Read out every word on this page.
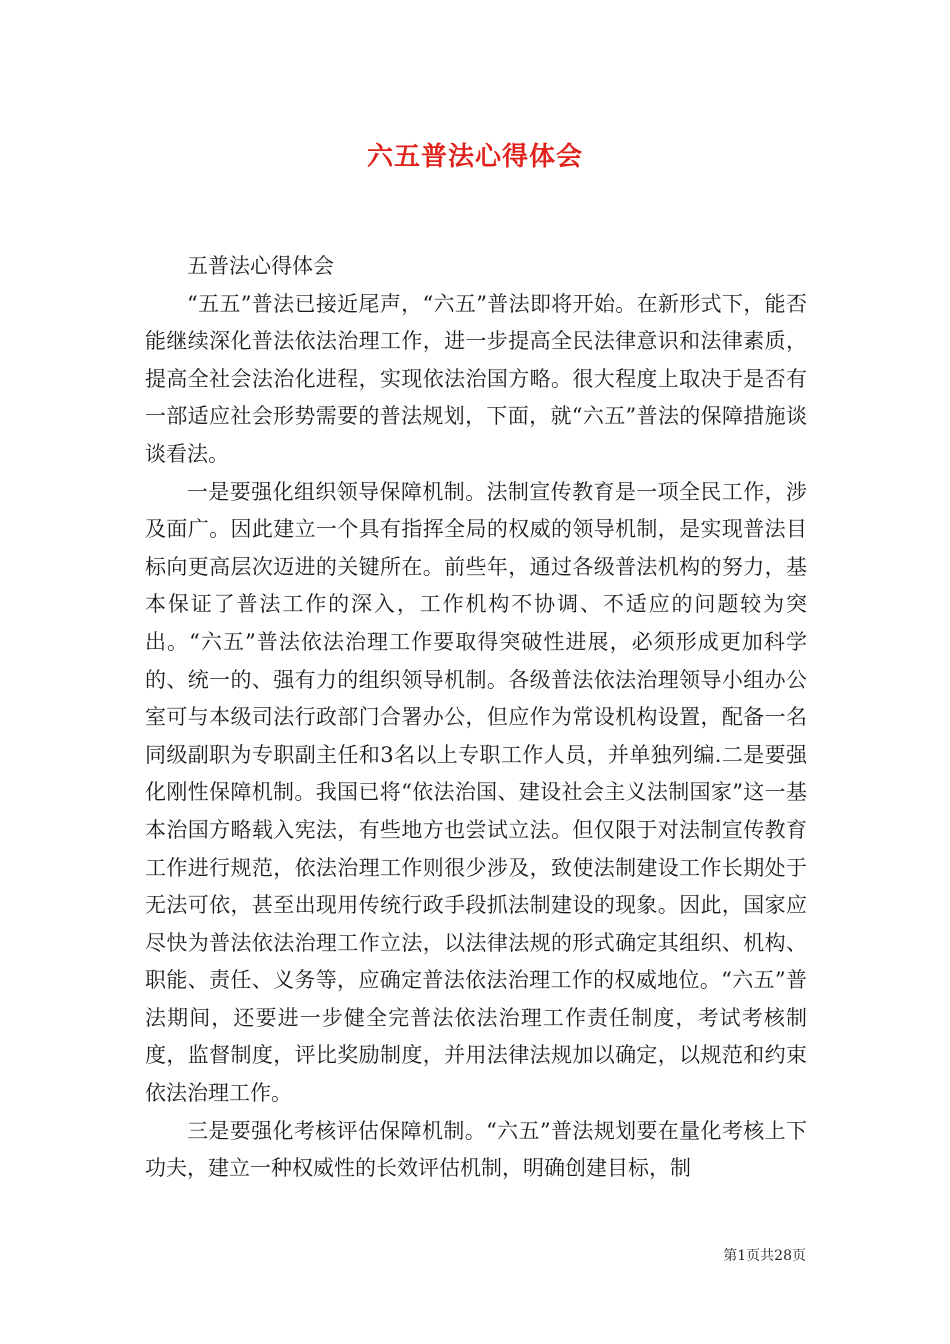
六五普法心得体会

五普法心得体会

“五五”普法已接近尾声，“六五”普法即将开始。在新形式下，能否能继续深化普法依法治理工作，进一步提高全民法律意识和法律素质，提高全社会法治化进程，实现依法治国方略。很大程度上取决于是否有一部适应社会形势需要的普法规划，下面，就“六五”普法的保障措施谈谈看法。

一是要强化组织领导保障机制。法制宣传教育是一项全民工作，涉及面广。因此建立一个具有指挥全局的权威的领导机制，是实现普法目标向更高层次迈进的关键所在。前些年，通过各级普法机构的努力，基本保证了普法工作的深入，工作机构不协调、不适应的问题较为突出。“六五”普法依法治理工作要取得突破性进展，必须形成更加科学的、统一的、强有力的组织领导机制。各级普法依法治理领导小组办公室可与本级司法行政部门合署办公，但应作为常设机构设置，配备一名同级副职为专职副主任和3名以上专职工作人员，并单独列编.二是要强化刚性保障机制。我国已将“依法治国、建设社会主义法制国家”这一基本治国方略载入宪法，有些地方也尝试立法。但仅限于对法制宣传教育工作进行规范，依法治理工作则很少涉及，致使法制建设工作长期处于无法可依，甚至出现用传统行政手段抓法制建设的现象。因此，国家应尽快为普法依法治理工作立法，以法律法规的形式确定其组织、机构、职能、责任、义务等，应确定普法依法治理工作的权威地位。“六五”普法期间，还要进一步健全完普法依法治理工作责任制度，考试考核制度，监督制度，评比奖励制度，并用法律法规加以确定，以规范和约束依法治理工作。

三是要强化考核评估保障机制。“六五”普法规划要在量化考核上下功夫，建立一种权威性的长效评估机制，明确创建目标，制

第1页共28页
